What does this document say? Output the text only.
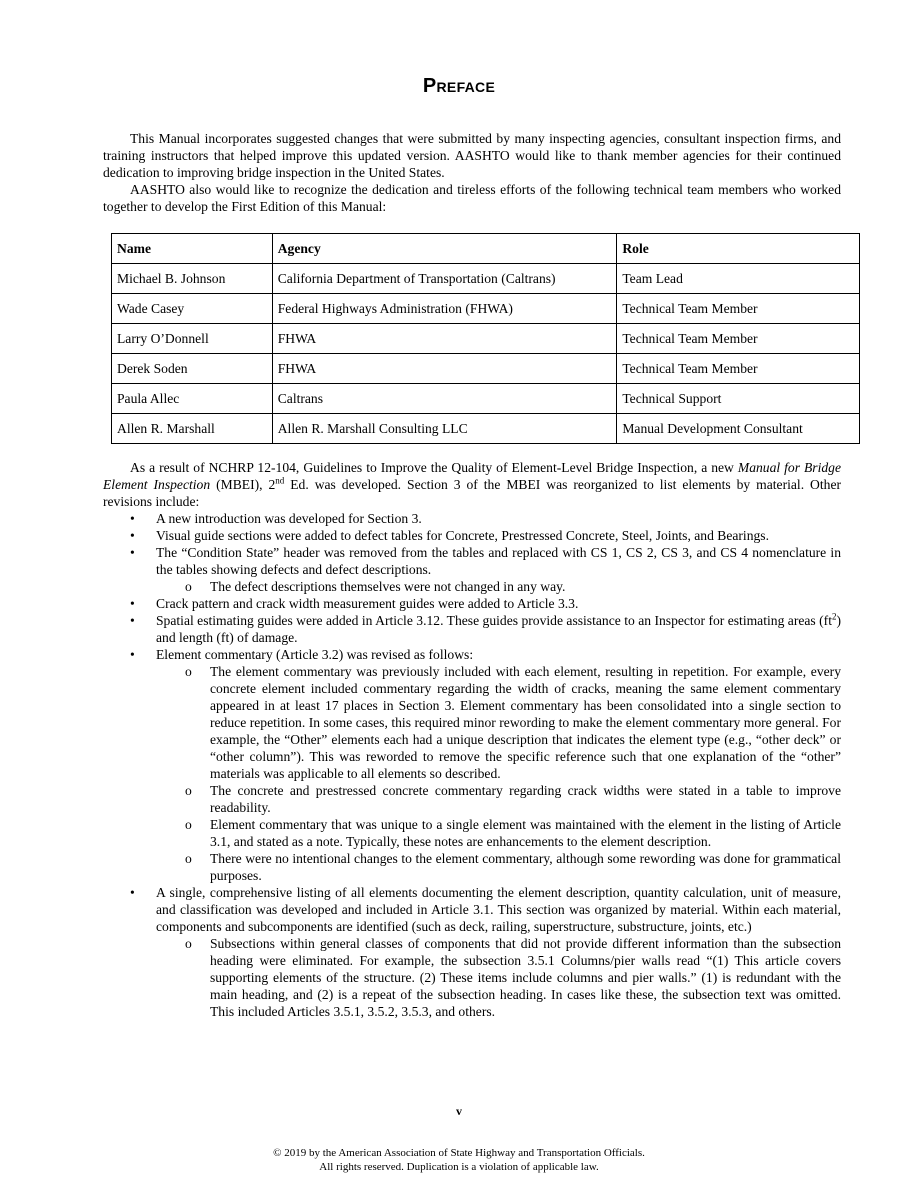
Preface

This Manual incorporates suggested changes that were submitted by many inspecting agencies, consultant inspection firms, and training instructors that helped improve this updated version. AASHTO would like to thank member agencies for their continued dedication to improving bridge inspection in the United States.

AASHTO also would like to recognize the dedication and tireless efforts of the following technical team members who worked together to develop the First Edition of this Manual:

Name	Agency	Role
Michael B. Johnson	California Department of Transportation (Caltrans)	Team Lead
Wade Casey	Federal Highways Administration (FHWA)	Technical Team Member
Larry O’Donnell	FHWA	Technical Team Member
Derek Soden	FHWA	Technical Team Member
Paula Allec	Caltrans	Technical Support
Allen R. Marshall	Allen R. Marshall Consulting LLC	Manual Development Consultant

As a result of NCHRP 12-104, Guidelines to Improve the Quality of Element-Level Bridge Inspection, a new Manual for Bridge Element Inspection (MBEI), 2nd Ed. was developed. Section 3 of the MBEI was reorganized to list elements by material. Other revisions include:

• A new introduction was developed for Section 3.
• Visual guide sections were added to defect tables for Concrete, Prestressed Concrete, Steel, Joints, and Bearings.
• The “Condition State” header was removed from the tables and replaced with CS 1, CS 2, CS 3, and CS 4 nomenclature in the tables showing defects and defect descriptions.
o The defect descriptions themselves were not changed in any way.
• Crack pattern and crack width measurement guides were added to Article 3.3.
• Spatial estimating guides were added in Article 3.12. These guides provide assistance to an Inspector for estimating areas $(ft^2)$ and length (ft) of damage.
• Element commentary (Article 3.2) was revised as follows:
o The element commentary was previously included with each element, resulting in repetition. For example, every concrete element included commentary regarding the width of cracks, meaning the same element commentary appeared in at least 17 places in Section 3. Element commentary has been consolidated into a single section to reduce repetition. In some cases, this required minor rewording to make the element commentary more general. For example, the “Other” elements each had a unique description that indicates the element type (e.g., “other deck” or “other column”). This was reworded to remove the specific reference such that one explanation of the “other” materials was applicable to all elements so described.
o The concrete and prestressed concrete commentary regarding crack widths were stated in a table to improve readability.
o Element commentary that was unique to a single element was maintained with the element in the listing of Article 3.1, and stated as a note. Typically, these notes are enhancements to the element description.
o There were no intentional changes to the element commentary, although some rewording was done for grammatical purposes.
• A single, comprehensive listing of all elements documenting the element description, quantity calculation, unit of measure, and classification was developed and included in Article 3.1. This section was organized by material. Within each material, components and subcomponents are identified (such as deck, railing, superstructure, substructure, joints, etc.)
o Subsections within general classes of components that did not provide different information than the subsection heading were eliminated. For example, the subsection 3.5.1 Columns/pier walls read “(1) This article covers supporting elements of the structure. (2) These items include columns and pier walls.” (1) is redundant with the main heading, and (2) is a repeat of the subsection heading. In cases like these, the subsection text was omitted. This included Articles 3.5.1, 3.5.2, 3.5.3, and others.
v
© 2019 by the American Association of State Highway and Transportation Officials.
All rights reserved. Duplication is a violation of applicable law.
